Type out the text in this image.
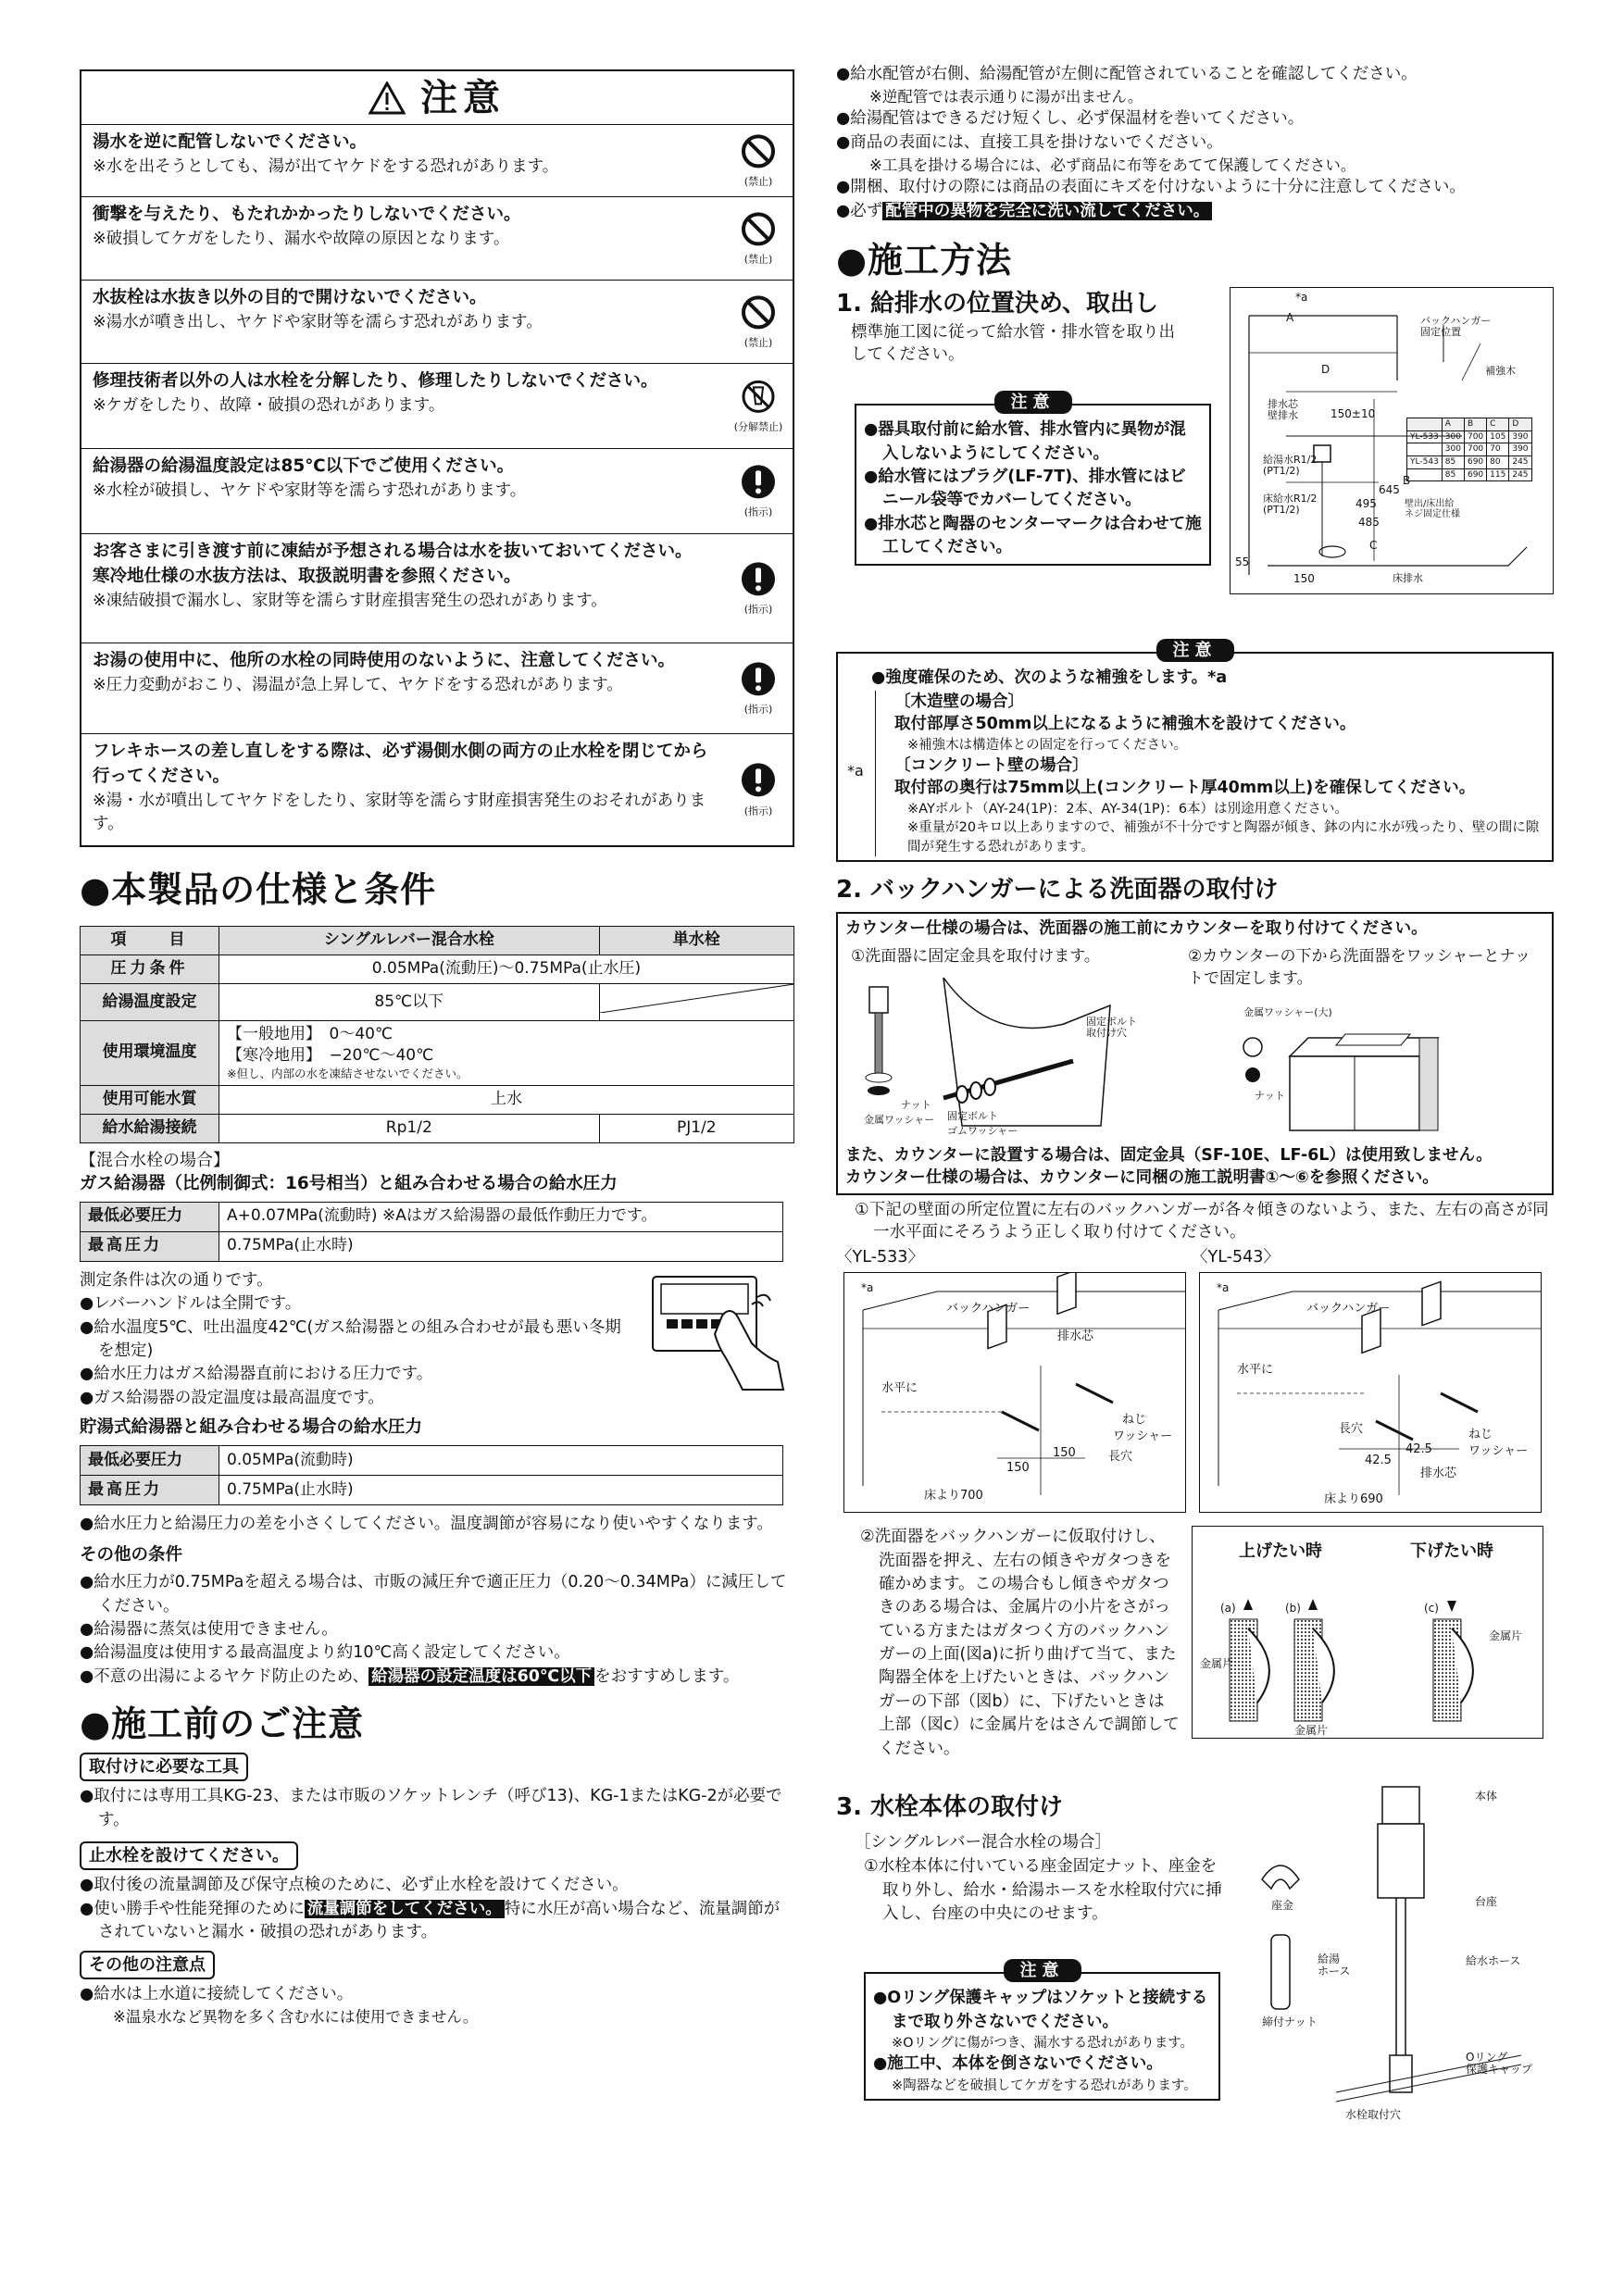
注意
湯水を逆に配管しないでください。
※水を出そうとしても、湯が出てヤケドをする恐れがあります。
(禁止)
衝撃を与えたり、もたれかかったりしないでください。
※破損してケガをしたり、漏水や故障の原因となります。
(禁止)
水抜栓は水抜き以外の目的で開けないでください。
※湯水が噴き出し、ヤケドや家財等を濡らす恐れがあります。
(禁止)
修理技術者以外の人は水栓を分解したり、修理したりしないでください。
※ケガをしたり、故障・破損の恐れがあります。
(分解禁止)
給湯器の給湯温度設定は85℃以下でご使用ください。
※水栓が破損し、ヤケドや家財等を濡らす恐れがあります。
(指示)
お客さまに引き渡す前に凍結が予想される場合は水を抜いておいてください。
寒冷地仕様の水抜方法は、取扱説明書を参照ください。
※凍結破損で漏水し、家財等を濡らす財産損害発生の恐れがあります。	(指示)
お湯の使用中に、他所の水栓の同時使用のないように、注意してください。
※圧力変動がおこり、湯温が急上昇して、ヤケドをする恐れがあります。
(指示)
フレキホースの差し直しをする際は、必ず湯側水側の両方の止水栓を閉じてから行ってください。
※湯・水が噴出してヤケドをしたり、家財等を濡らす財産損害発生のおそれがあります。
(指示)
●本製品の仕様と条件
項　　目	シングルレバー混合水栓	単水栓
圧力条件	0.05MPa(流動圧)〜0.75MPa(止水圧)	
給湯温度設定	85℃以下	
使用環境温度	【一般地用】　0〜40℃
【寒冷地用】　−20℃〜40℃
※但し、内部の水を凍結させないでください。	

使用可能水質	上水	
給水給湯接続	Rp1/2	PJ1/2
【混合水栓の場合】
ガス給湯器（比例制御式：16号相当）と組み合わせる場合の給水圧力
最低必要圧力	A+0.07MPa(流動時) ※Aはガス給湯器の最低作動圧力です。
最高圧力	0.75MPa(止水時)
測定条件は次の通りです。
●レバーハンドルは全開です。
●給水温度5℃、吐出温度42℃(ガス給湯器との組み合わせが最も悪い冬期を想定)
●給水圧力はガス給湯器直前における圧力です。
●ガス給湯器の設定温度は最高温度です。
貯湯式給湯器と組み合わせる場合の給水圧力
最低必要圧力	0.05MPa(流動時)
最高圧力	0.75MPa(止水時)
●給水圧力と給湯圧力の差を小さくしてください。温度調節が容易になり使いやすくなります。
その他の条件
●給水圧力が0.75MPaを超える場合は、市販の減圧弁で適正圧力（0.20〜0.34MPa）に減圧してください。
●給湯器に蒸気は使用できません。
●給湯温度は使用する最高温度より約10℃高く設定してください。
●不意の出湯によるヤケド防止のため、 給湯器の設定温度は60℃以下 をおすすめします。
●施工前のご注意
取付けに必要な工具
●取付には専用工具KG-23、または市販のソケットレンチ（呼び13)、KG-1またはKG-2が必要です。
止水栓を設けてください。
●取付後の流量調節及び保守点検のために、必ず止水栓を設けてください。
●使い勝手や性能発揮のために 流量調節をしてください。 特に水圧が高い場合など、流量調節がされていないと漏水・破損の恐れがあります。
その他の注意点
●給水は上水道に接続してください。
※温泉水など異物を多く含む水には使用できません。
●給水配管が右側、給湯配管が左側に配管されていることを確認してください。
※逆配管では表示通りに湯が出ません。
●給湯配管はできるだけ短くし、必ず保温材を巻いてください。
●商品の表面には、直接工具を掛けないでください。
※工具を掛ける場合には、必ず商品に布等をあてて保護してください。
●開梱、取付けの際には商品の表面にキズを付けないように十分に注意してください。
●必ず 配管中の異物を完全に洗い流してください。
●施工方法
1. 給排水の位置決め、取出し
標準施工図に従って給水管・排水管を取り出してください。
注意
●器具取付前に給水管、排水管内に異物が混入しないようにしてください。
●給水管にはプラグ(LF-7T)、排水管にはビニール袋等でカバーしてください。
●排水芯と陶器のセンターマークは合わせて施工してください。
*a
バックハンガー
固定位置
補強木
排水芯
壁排水	150±10
給湯水R1/2
(PT1/2)
床給水R1/2
(PT1/2)
A
B
C
D
645
495
485
55
150	床排水
壁出/床出給
ネジ固定仕様
	A	B	C	D
YL-533	300	700	105	390
	300	700	70	390
YL-543	85	690	80	245
	85	690	115	245
注意
*a
●強度確保のため、次のような補強をします。*a
〔木造壁の場合〕
取付部厚さ50mm以上になるように補強木を設けてください。
※補強木は構造体との固定を行ってください。
〔コンクリート壁の場合〕
取付部の奥行は75mm以上(コンクリート厚40mm以上)を確保してください。
※AYボルト（AY-24(1P)：2本、AY-34(1P)：6本）は別途用意ください。
※重量が20キロ以上ありますので、補強が不十分ですと陶器が傾き、鉢の内に水が残ったり、壁の間に隙間が発生する恐れがあります。
2. バックハンガーによる洗面器の取付け
カウンター仕様の場合は、洗面器の施工前にカウンターを取り付けてください。
①洗面器に固定金具を取付けます。	②カウンターの下から洗面器をワッシャーとナットで固定します。
固定ボルト
取付け穴
ナット
金属ワッシャー 固定ボルト
ゴムワッシャー
金属ワッシャー(大)
ナット
また、カウンターに設置する場合は、固定金具（SF-10E、LF-6L）は使用致しません。
カウンター仕様の場合は、カウンターに同梱の施工説明書①〜⑥を参照ください。
①下記の壁面の所定位置に左右のバックハンガーが各々傾きのないよう、また、左右の高さが同一水平面にそろうよう正しく取り付けてください。
〈YL-533〉	〈YL-543〉
*a
バックハンガー
排水芯
水平に
ねじ
ワッシャー
長穴
150
150
床より700
*a
バックハンガー
水平に
長穴	ねじ
ワッシャー
42.5
42.5
排水芯
床より690
②洗面器をバックハンガーに仮取付けし、洗面器を押え、左右の傾きやガタつきを確かめます。この場合もし傾きやガタつきのある場合は、金属片の小片をさがっている方またはガタつく方のバックハンガーの上面(図a)に折り曲げて当て、また陶器全体を上げたいときは、バックハンガーの下部（図b）に、下げたいときは上部（図c）に金属片をはさんで調節してください。
上げたい時	下げたい時
(a)	(b)	(c)
金属片
金属片
金属片
3. 水栓本体の取付け
［シングルレバー混合水栓の場合］
①水栓本体に付いている座金固定ナット、座金を取り外し、給水・給湯ホースを水栓取付穴に挿入し、台座の中央にのせます。
注意
●Oリング保護キャップはソケットと接続するまで取り外さないでください。
※Oリングに傷がつき、漏水する恐れがあります。
●施工中、本体を倒さないでください。
※陶器などを破損してケガをする恐れがあります。
本体
座金	台座
給湯
ホース
給水ホース
締付ナット
Oリング
保護キャップ
水栓取付穴
